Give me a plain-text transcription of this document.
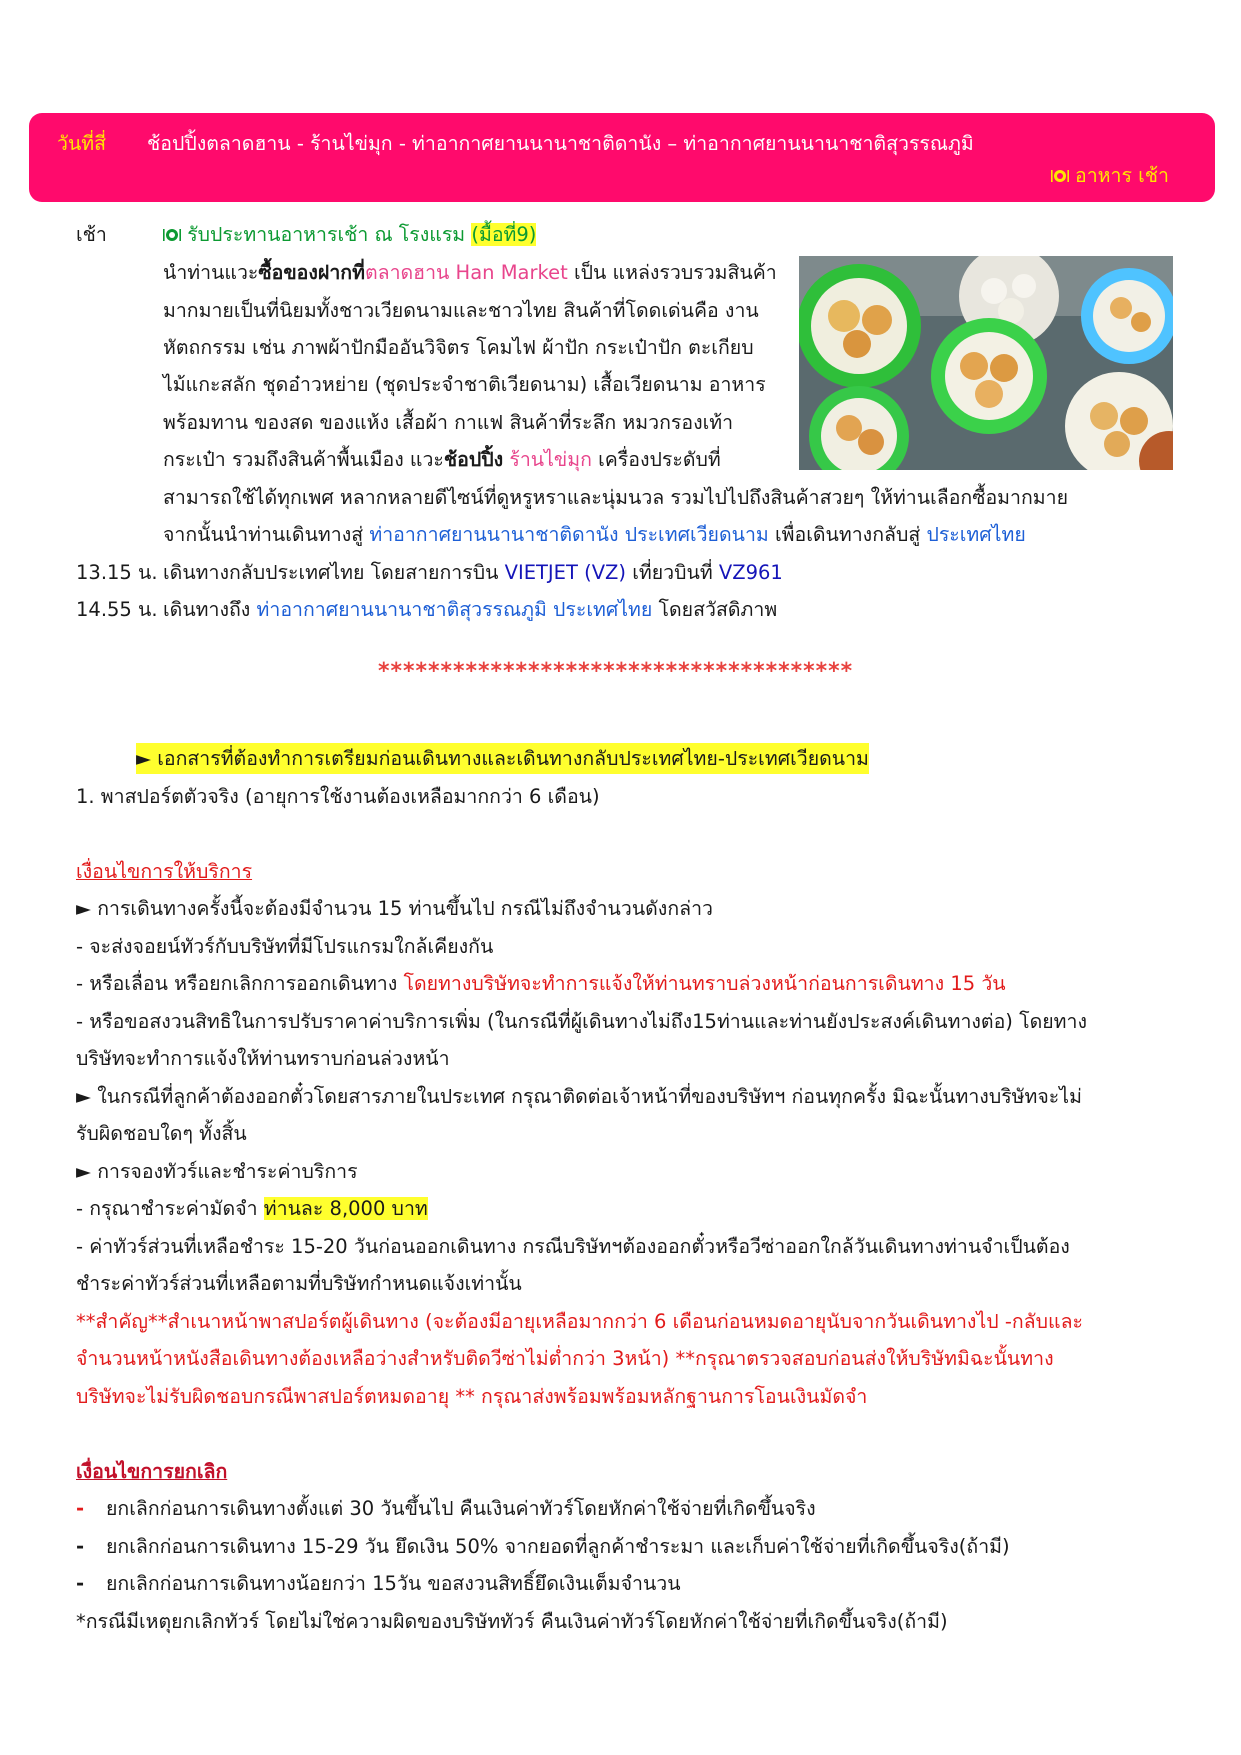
วันที่สี่ ช้อปปิ้งตลาดฮาน - ร้านไข่มุก - ท่าอากาศยานนานาชาติดานัง – ท่าอากาศยานนานาชาติสุวรรณภูมิ
อาหาร เช้า
เช้า	รับประทานอาหารเช้า ณ โรงแรม (มื้อที่9)
นำท่านแวะซื้อของฝากที่ตลาดฮาน Han Market เป็น แหล่งรวบรวมสินค้า
มากมายเป็นที่นิยมทั้งชาวเวียดนามและชาวไทย สินค้าที่โดดเด่นคือ งาน
หัตถกรรม เช่น ภาพผ้าปักมืออันวิจิตร โคมไฟ ผ้าปัก กระเป๋าปัก ตะเกียบ
ไม้แกะสลัก ชุดอ๋าวหย่าย (ชุดประจำชาติเวียดนาม) เสื้อเวียดนาม อาหาร
พร้อมทาน ของสด ของแห้ง เสื้อผ้า กาแฟ สินค้าที่ระลึก หมวกรองเท้า
กระเป๋า รวมถึงสินค้าพื้นเมือง แวะช้อปปิ้ง ร้านไข่มุก เครื่องประดับที่
สามารถใช้ได้ทุกเพศ หลากหลายดีไซน์ที่ดูหรูหราและนุ่มนวล รวมไปไปถึงสินค้าสวยๆ ให้ท่านเลือกซื้อมากมาย
จากนั้นนำท่านเดินทางสู่ ท่าอากาศยานนานาชาติดานัง ประเทศเวียดนาม เพื่อเดินทางกลับสู่ ประเทศไทย
13.15 น. เดินทางกลับประเทศไทย โดยสายการบิน VIETJET (VZ) เที่ยวบินที่ VZ961
14.55 น. เดินทางถึง ท่าอากาศยานนานาชาติสุวรรณภูมิ ประเทศไทย โดยสวัสดิภาพ
**************************************
► เอกสารที่ต้องทำการเตรียมก่อนเดินทางและเดินทางกลับประเทศไทย-ประเทศเวียดนาม
1. พาสปอร์ตตัวจริง (อายุการใช้งานต้องเหลือมากกว่า 6 เดือน)
เงื่อนไขการให้บริการ
► การเดินทางครั้งนี้จะต้องมีจำนวน 15 ท่านขึ้นไป กรณีไม่ถึงจำนวนดังกล่าว
- จะส่งจอยน์ทัวร์กับบริษัทที่มีโปรแกรมใกล้เคียงกัน
- หรือเลื่อน หรือยกเลิกการออกเดินทาง โดยทางบริษัทจะทำการแจ้งให้ท่านทราบล่วงหน้าก่อนการเดินทาง 15 วัน
- หรือขอสงวนสิทธิในการปรับราคาค่าบริการเพิ่ม (ในกรณีที่ผู้เดินทางไม่ถึง15ท่านและท่านยังประสงค์เดินทางต่อ) โดยทาง
บริษัทจะทำการแจ้งให้ท่านทราบก่อนล่วงหน้า
► ในกรณีที่ลูกค้าต้องออกตั๋วโดยสารภายในประเทศ กรุณาติดต่อเจ้าหน้าที่ของบริษัทฯ ก่อนทุกครั้ง มิฉะนั้นทางบริษัทจะไม่
รับผิดชอบใดๆ ทั้งสิ้น
► การจองทัวร์และชำระค่าบริการ
- กรุณาชำระค่ามัดจำ ท่านละ 8,000 บาท
- ค่าทัวร์ส่วนที่เหลือชำระ 15-20 วันก่อนออกเดินทาง กรณีบริษัทฯต้องออกตั๋วหรือวีซ่าออกใกล้วันเดินทางท่านจำเป็นต้อง
ชำระค่าทัวร์ส่วนที่เหลือตามที่บริษัทกำหนดแจ้งเท่านั้น
**สำคัญ**สำเนาหน้าพาสปอร์ตผู้เดินทาง (จะต้องมีอายุเหลือมากกว่า 6 เดือนก่อนหมดอายุนับจากวันเดินทางไป -กลับและ
จำนวนหน้าหนังสือเดินทางต้องเหลือว่างสำหรับติดวีซ่าไม่ต่ำกว่า 3หน้า) **กรุณาตรวจสอบก่อนส่งให้บริษัทมิฉะนั้นทาง
บริษัทจะไม่รับผิดชอบกรณีพาสปอร์ตหมดอายุ ** กรุณาส่งพร้อมพร้อมหลักฐานการโอนเงินมัดจำ
เงื่อนไขการยกเลิก
- ยกเลิกก่อนการเดินทางตั้งแต่ 30 วันขึ้นไป คืนเงินค่าทัวร์โดยหักค่าใช้จ่ายที่เกิดขึ้นจริง
- ยกเลิกก่อนการเดินทาง 15-29 วัน ยึดเงิน 50% จากยอดที่ลูกค้าชำระมา และเก็บค่าใช้จ่ายที่เกิดขึ้นจริง(ถ้ามี)
- ยกเลิกก่อนการเดินทางน้อยกว่า 15วัน ขอสงวนสิทธิ์ยึดเงินเต็มจำนวน
*กรณีมีเหตุยกเลิกทัวร์ โดยไม่ใช่ความผิดของบริษัททัวร์ คืนเงินค่าทัวร์โดยหักค่าใช้จ่ายที่เกิดขึ้นจริง(ถ้ามี)
